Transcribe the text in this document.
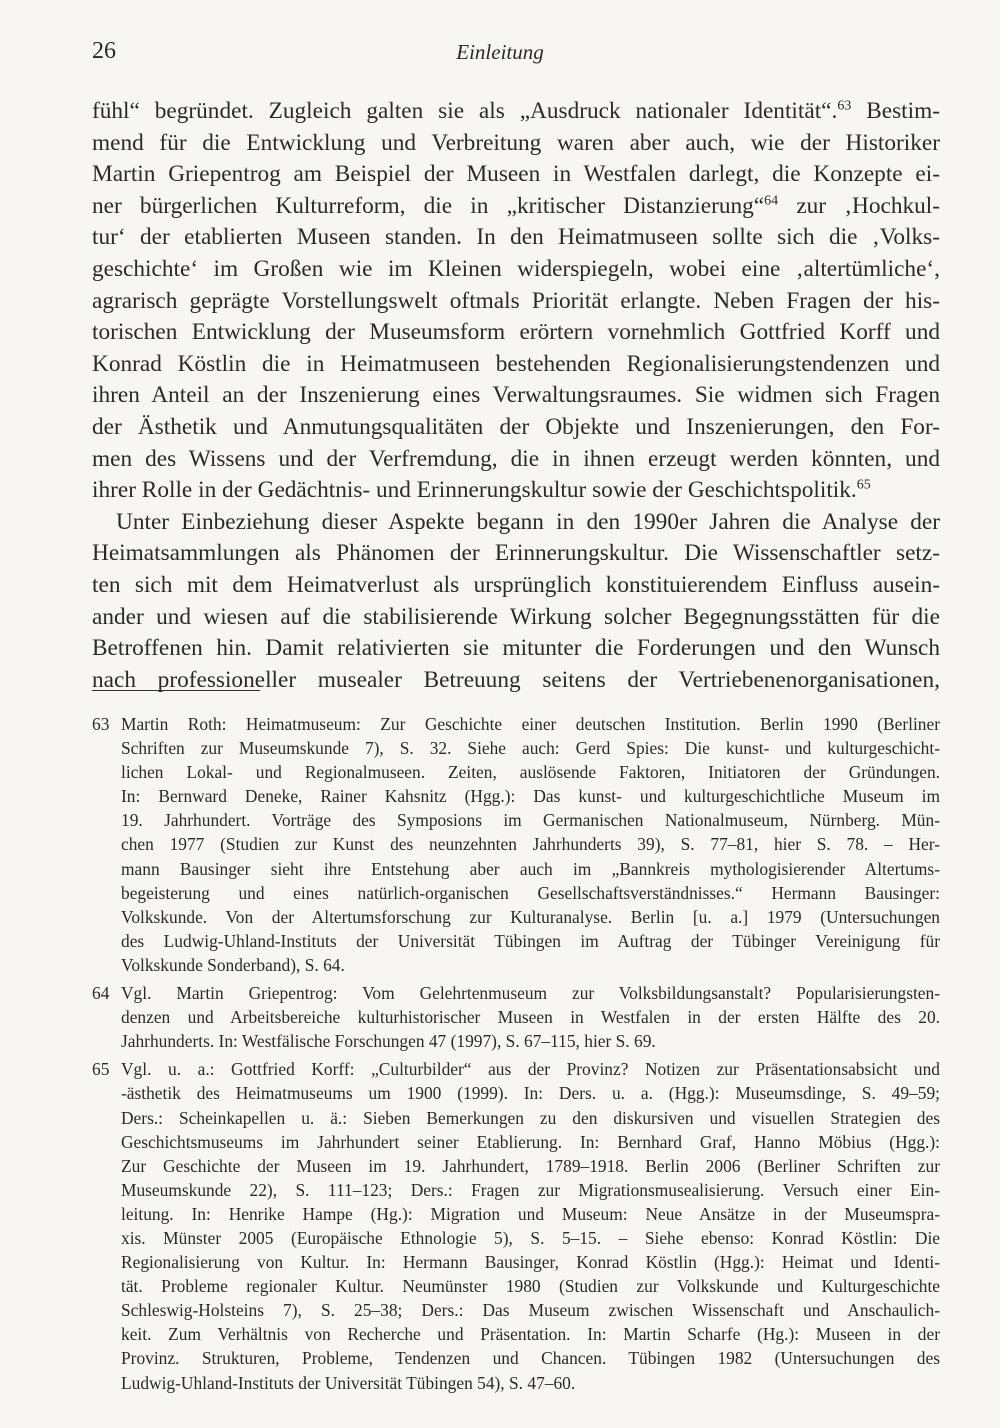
26	Einleitung
fühl“ begründet. Zugleich galten sie als „Ausdruck nationaler Identität“.$^{63}$ Bestim-
mend für die Entwicklung und Verbreitung waren aber auch, wie der Historiker
Martin Griepentrog am Beispiel der Museen in Westfalen darlegt, die Konzepte ei-
ner bürgerlichen Kulturreform, die in „kritischer Distanzierung“$^{64}$ zur ‚Hochkul-
tur‘ der etablierten Museen standen. In den Heimatmuseen sollte sich die ‚Volks-
geschichte‘ im Großen wie im Kleinen widerspiegeln, wobei eine ‚altertümliche‘,
agrarisch geprägte Vorstellungswelt oftmals Priorität erlangte. Neben Fragen der his-
torischen Entwicklung der Museumsform erörtern vornehmlich Gottfried Korff und
Konrad Köstlin die in Heimatmuseen bestehenden Regionalisierungstendenzen und
ihren Anteil an der Inszenierung eines Verwaltungsraumes. Sie widmen sich Fragen
der Ästhetik und Anmutungsqualitäten der Objekte und Inszenierungen, den For-
men des Wissens und der Verfremdung, die in ihnen erzeugt werden könnten, und
ihrer Rolle in der Gedächtnis- und Erinnerungskultur sowie der Geschichtspolitik.$^{65}$
Unter Einbeziehung dieser Aspekte begann in den 1990er Jahren die Analyse der
Heimatsammlungen als Phänomen der Erinnerungskultur. Die Wissenschaftler setz-
ten sich mit dem Heimatverlust als ursprünglich konstituierendem Einfluss ausein-
ander und wiesen auf die stabilisierende Wirkung solcher Begegnungsstätten für die
Betroffenen hin. Damit relativierten sie mitunter die Forderungen und den Wunsch
nach professioneller musealer Betreuung seitens der Vertriebenenorganisationen,
63 Martin Roth: Heimatmuseum: Zur Geschichte einer deutschen Institution. Berlin 1990 (Berliner
Schriften zur Museumskunde 7), S. 32. Siehe auch: Gerd Spies: Die kunst- und kulturgeschicht-
lichen Lokal- und Regionalmuseen. Zeiten, auslösende Faktoren, Initiatoren der Gründungen.
In: Bernward Deneke, Rainer Kahsnitz (Hgg.): Das kunst- und kulturgeschichtliche Museum im
19. Jahrhundert. Vorträge des Symposions im Germanischen Nationalmuseum, Nürnberg. Mün-
chen 1977 (Studien zur Kunst des neunzehnten Jahrhunderts 39), S. 77–81, hier S. 78. – Her-
mann Bausinger sieht ihre Entstehung aber auch im „Bannkreis mythologisierender Altertums-
begeisterung und eines natürlich-organischen Gesellschaftsverständnisses.“ Hermann Bausinger:
Volkskunde. Von der Altertumsforschung zur Kulturanalyse. Berlin [u. a.] 1979 (Untersuchungen
des Ludwig-Uhland-Instituts der Universität Tübingen im Auftrag der Tübinger Vereinigung für
Volkskunde Sonderband), S. 64.
64 Vgl. Martin Griepentrog: Vom Gelehrtenmuseum zur Volksbildungsanstalt? Popularisierungsten-
denzen und Arbeitsbereiche kulturhistorischer Museen in Westfalen in der ersten Hälfte des 20.
Jahrhunderts. In: Westfälische Forschungen 47 (1997), S. 67–115, hier S. 69.
65 Vgl. u. a.: Gottfried Korff: „Culturbilder“ aus der Provinz? Notizen zur Präsentationsabsicht und
-ästhetik des Heimatmuseums um 1900 (1999). In: Ders. u. a. (Hgg.): Museumsdinge, S. 49–59;
Ders.: Scheinkapellen u. ä.: Sieben Bemerkungen zu den diskursiven und visuellen Strategien des
Geschichtsmuseums im Jahrhundert seiner Etablierung. In: Bernhard Graf, Hanno Möbius (Hgg.):
Zur Geschichte der Museen im 19. Jahrhundert, 1789–1918. Berlin 2006 (Berliner Schriften zur
Museumskunde 22), S. 111–123; Ders.: Fragen zur Migrationsmusealisierung. Versuch einer Ein-
leitung. In: Henrike Hampe (Hg.): Migration und Museum: Neue Ansätze in der Museumspra-
xis. Münster 2005 (Europäische Ethnologie 5), S. 5–15. – Siehe ebenso: Konrad Köstlin: Die
Regionalisierung von Kultur. In: Hermann Bausinger, Konrad Köstlin (Hgg.): Heimat und Identi-
tät. Probleme regionaler Kultur. Neumünster 1980 (Studien zur Volkskunde und Kulturgeschichte
Schleswig-Holsteins 7), S. 25–38; Ders.: Das Museum zwischen Wissenschaft und Anschaulich-
keit. Zum Verhältnis von Recherche und Präsentation. In: Martin Scharfe (Hg.): Museen in der
Provinz. Strukturen, Probleme, Tendenzen und Chancen. Tübingen 1982 (Untersuchungen des
Ludwig-Uhland-Instituts der Universität Tübingen 54), S. 47–60.
